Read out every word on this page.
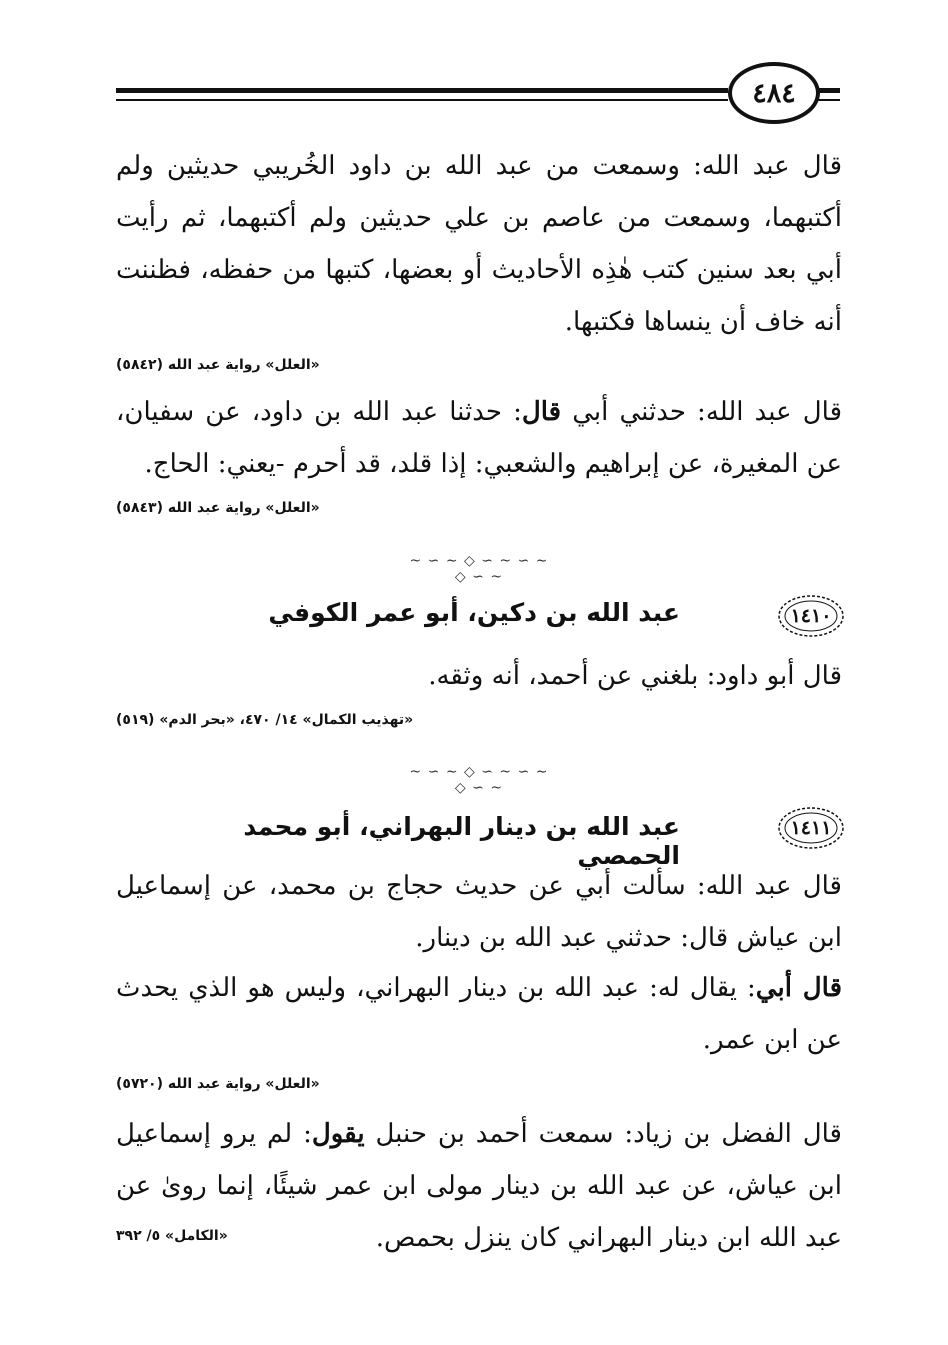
٤٨٤
قال عبد الله: وسمعت من عبد الله بن داود الخُريبي حديثين ولم أكتبهما، وسمعت من عاصم بن علي حديثين ولم أكتبهما، ثم رأيت أبي بعد سنين كتب هٰذِه الأحاديث أو بعضها، كتبها من حفظه، فظننت أنه خاف أن ينساها فكتبها.
«العلل» رواية عبد الله (٥٨٤٢)
قال عبد الله: حدثني أبي قال: حدثنا عبد الله بن داود، عن سفيان، عن المغيرة، عن إبراهيم والشعبي: إذا قلد، قد أحرم -يعني: الحاج.
«العلل» رواية عبد الله (٥٨٤٣)
~ ∽ ∼ ◇ ∽ ~ ∽ ∼ ◇ ∽ ~
١٤١٠
عبد الله بن دكين، أبو عمر الكوفي
قال أبو داود: بلغني عن أحمد، أنه وثقه.
«تهذيب الكمال» ١٤/ ٤٧٠، «بحر الدم» (٥١٩)
~ ∽ ∼ ◇ ∽ ~ ∽ ∼ ◇ ∽ ~
١٤١١
عبد الله بن دينار البهراني، أبو محمد الحمصي
قال عبد الله: سألت أبي عن حديث حجاج بن محمد، عن إسماعيل ابن عياش قال: حدثني عبد الله بن دينار.
قال أبي: يقال له: عبد الله بن دينار البهراني، وليس هو الذي يحدث عن ابن عمر.
«العلل» رواية عبد الله (٥٧٢٠)
قال الفضل بن زياد: سمعت أحمد بن حنبل يقول: لم يرو إسماعيل ابن عياش، عن عبد الله بن دينار مولى ابن عمر شيئًا، إنما روىٰ عن عبد الله ابن دينار البهراني كان ينزل بحمص.
«الكامل» ٥/ ٣٩٢
